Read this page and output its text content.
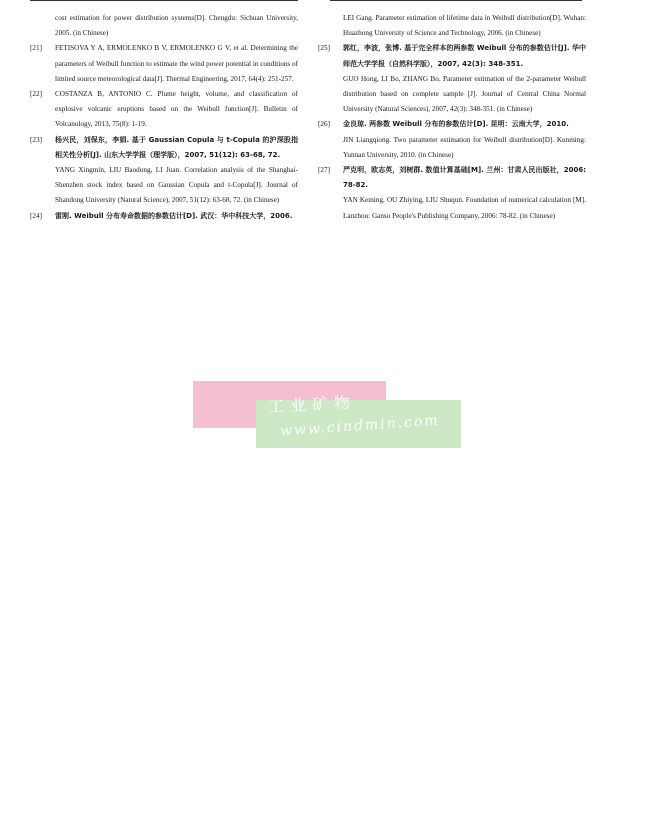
cost estimation for power distribution systems[D]. Chengdu: Sichuan University, 2005. (in Chinese)
[21]	FETISOVA Y A, ERMOLENKO B V, ERMOLENKO G V, et al. Determining the parameters of Weibull function to estimate the wind power potential in conditions of limited source meteorological data[J]. Thermal Engineering, 2017, 64(4): 251-257.
[22]	COSTANZA B, ANTONIO C. Plume height, volume, and classification of explosive volcanic eruptions based on the Weibull function[J]. Bulletin of Volcanology, 2013, 75(8): 1-19.
[23]	杨兴民，刘保东，李娟. 基于 Gaussian Copula 与 t-Copula 的沪深股指相关性分析[J]. 山东大学学报（理学版），2007, 51(12): 63-68, 72.
YANG Xingmin, LIU Baodong, LI Juan. Correlation analysis of the Shanghai-Shenzhen stock index based on Gaussian Copula and t-Copula[J]. Journal of Shandong University (Natural Science), 2007, 51(12): 63-68, 72. (in Chinese)
[24]	雷刚. Weibull 分布寿命数据的参数估计[D]. 武汉：华中科技大学，2006.
LEI Gang. Parameter estimation of lifetime data in Weibull distribution[D]. Wuhan: Huazhong University of Science and Technology, 2006. (in Chinese)
[25]	郭红，李波，张博. 基于完全样本的两参数 Weibull 分布的参数估计[J]. 华中师范大学学报（自然科学版），2007, 42(3): 348-351.
GUO Hong, LI Bo, ZHANG Bo. Parameter estimation of the 2-parameter Weibull distribution based on complete sample [J]. Journal of Central China Normal University (Natural Sciences), 2007, 42(3): 348-351. (in Chinese)
[26]	金良琼. 两参数 Weibull 分布的参数估计[D]. 昆明：云南大学，2010.
JIN Liangqiong. Two parameter estimation for Weibull distribution[D]. Kunming: Yunnan University, 2010. (in Chinese)
[27]	严克明，欧志英，刘树群. 数值计算基础[M]. 兰州：甘肃人民出版社，2006: 78-82.
YAN Keming, OU Zhiying, LIU Shuqun. Foundation of numerical calculation [M]. Lanzhou: Gansu People's Publishing Company, 2006: 78-82. (in Chinese)
工业矿物
www.cindmin.com
